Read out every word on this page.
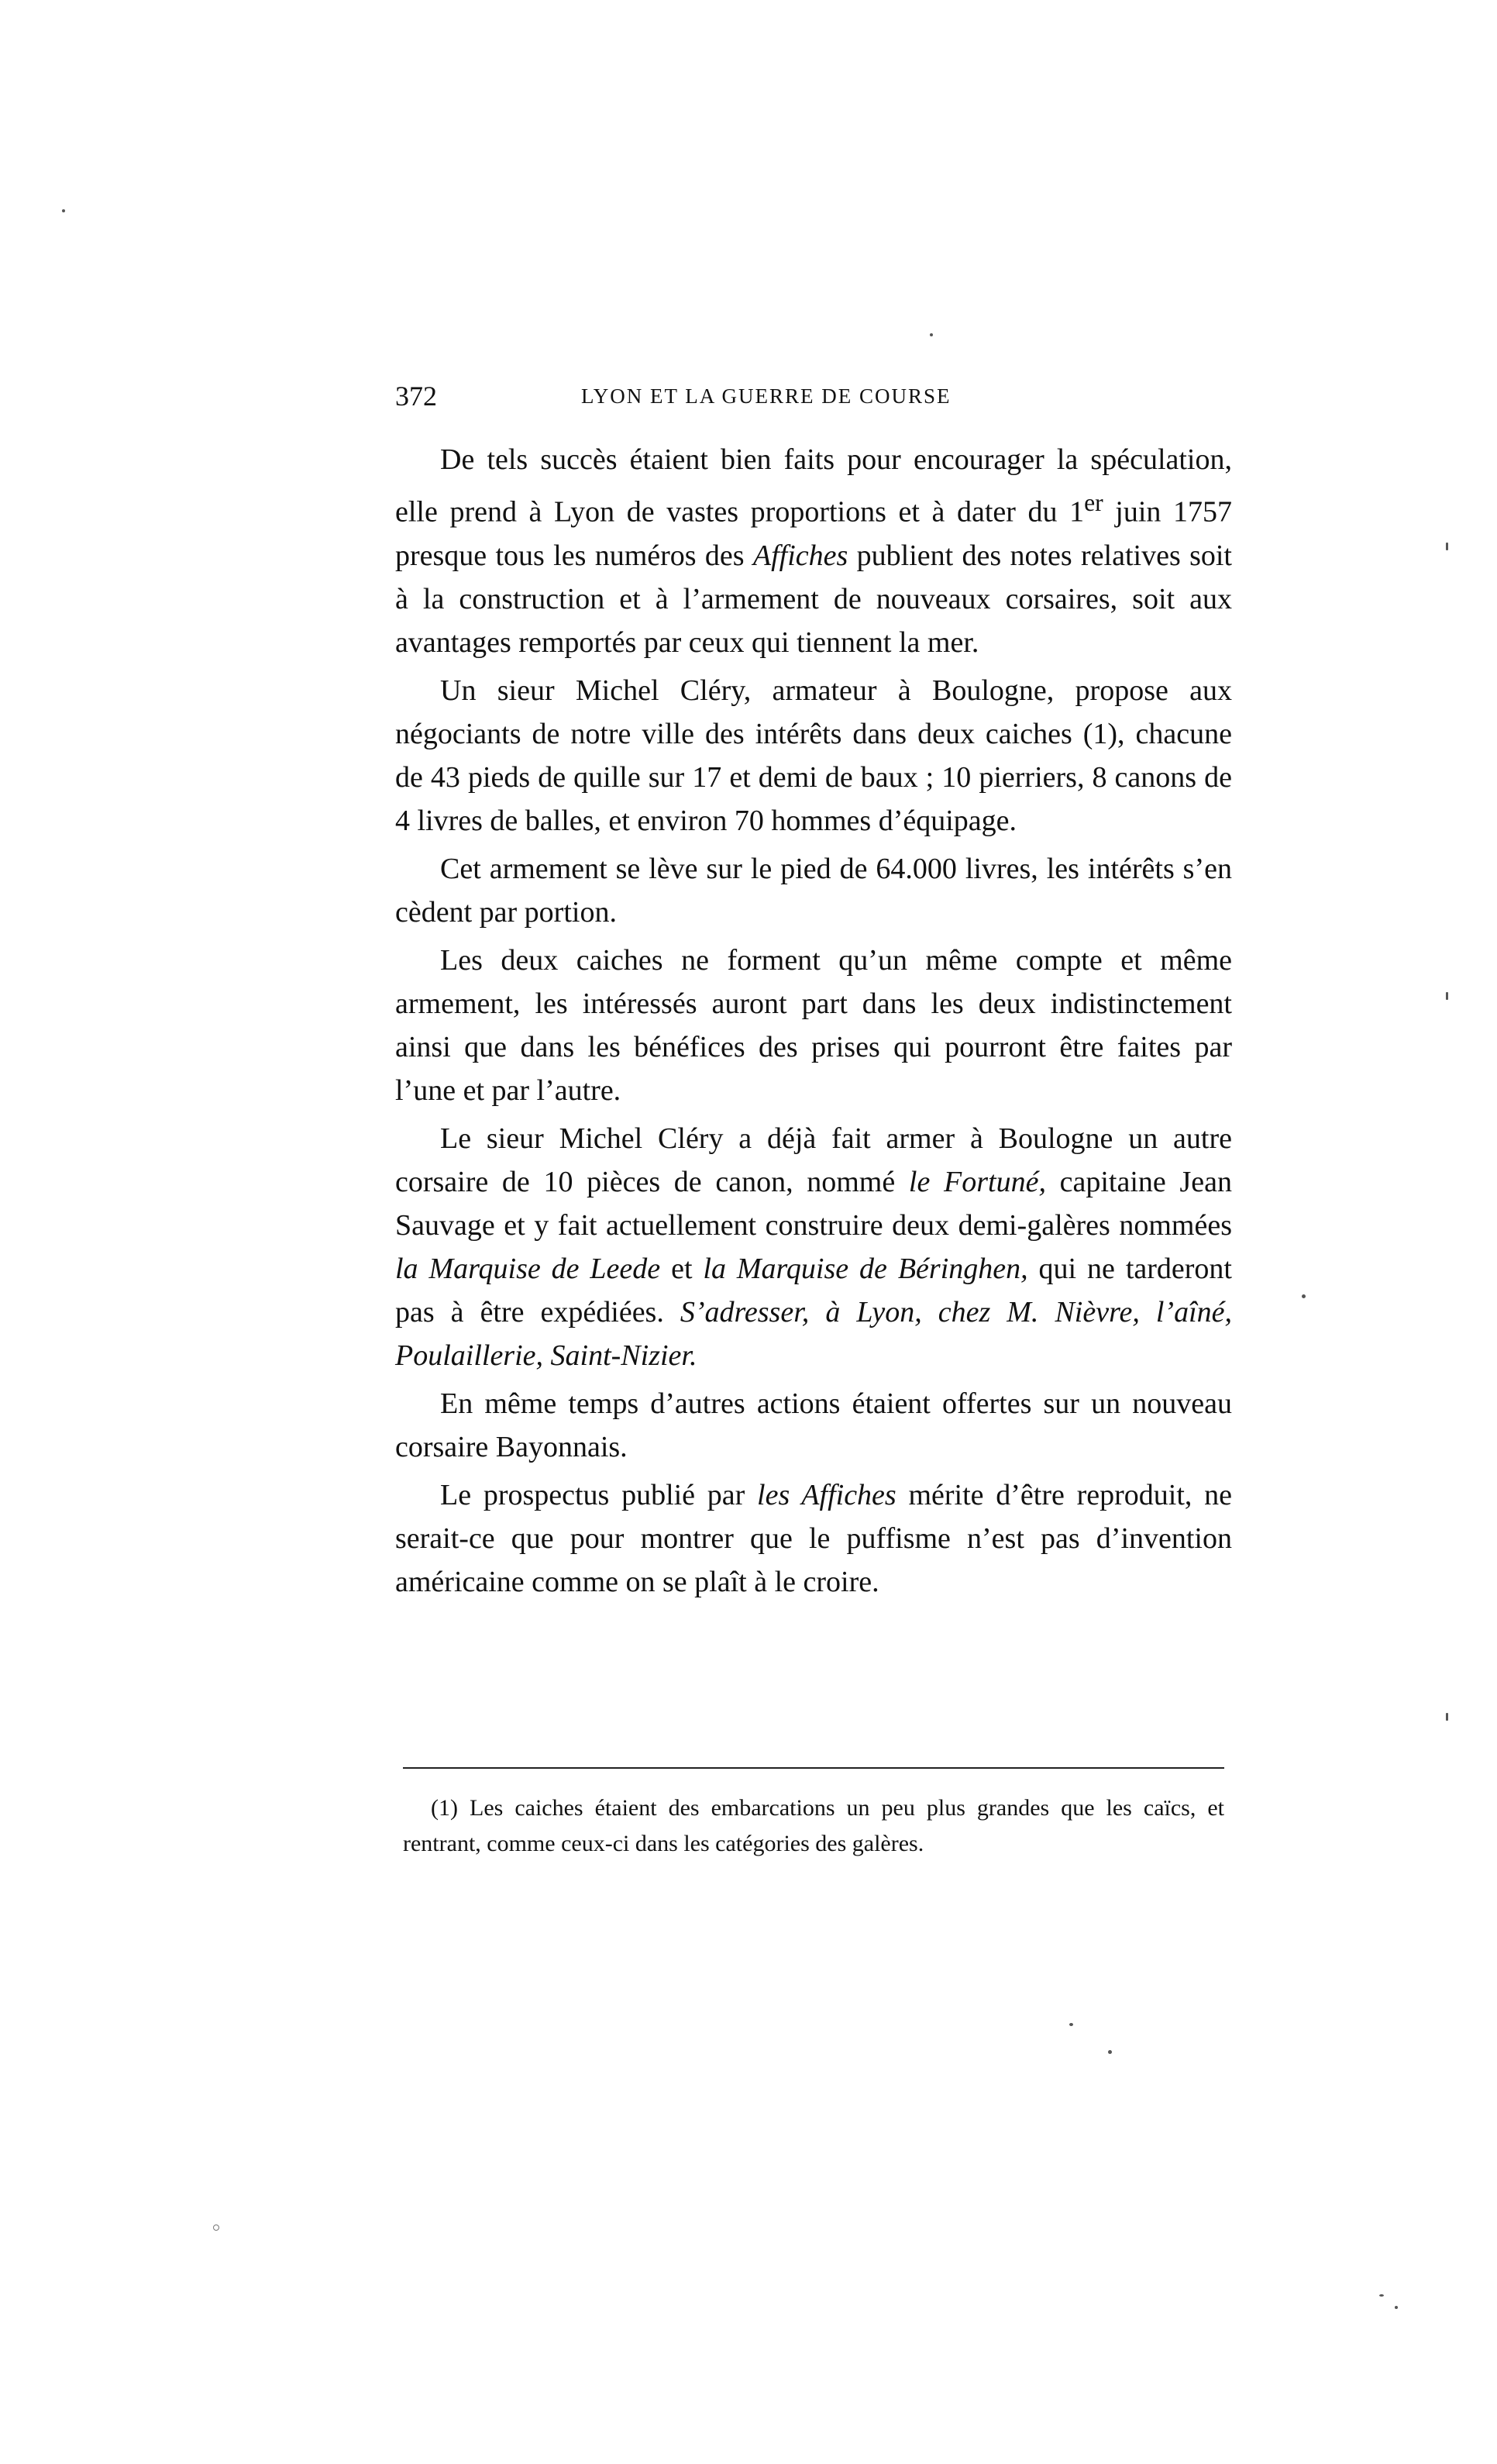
372	LYON ET LA GUERRE DE COURSE

De tels succès étaient bien faits pour encourager la spéculation, elle prend à Lyon de vastes proportions et à dater du 1er juin 1757 presque tous les numéros des Affiches publient des notes relatives soit à la construction et à l’armement de nouveaux corsaires, soit aux avantages remportés par ceux qui tiennent la mer.

Un sieur Michel Cléry, armateur à Boulogne, propose aux négociants de notre ville des intérêts dans deux caiches (1), chacune de 43 pieds de quille sur 17 et demi de baux ; 10 pierriers, 8 canons de 4 livres de balles, et environ 70 hommes d’équipage.

Cet armement se lève sur le pied de 64.000 livres, les intérêts s’en cèdent par portion.

Les deux caiches ne forment qu’un même compte et même armement, les intéressés auront part dans les deux indistinctement ainsi que dans les bénéfices des prises qui pourront être faites par l’une et par l’autre.

Le sieur Michel Cléry a déjà fait armer à Boulogne un autre corsaire de 10 pièces de canon, nommé le Fortuné, capitaine Jean Sauvage et y fait actuellement construire deux demi-galères nommées la Marquise de Leede et la Marquise de Béringhen, qui ne tarderont pas à être expédiées. S’adresser, à Lyon, chez M. Nièvre, l’aîné, Poulaillerie, Saint-Nizier.

En même temps d’autres actions étaient offertes sur un nouveau corsaire Bayonnais.

Le prospectus publié par les Affiches mérite d’être reproduit, ne serait-ce que pour montrer que le puffisme n’est pas d’invention américaine comme on se plaît à le croire.

(1) Les caiches étaient des embarcations un peu plus grandes que les caïcs, et rentrant, comme ceux-ci dans les catégories des galères.
